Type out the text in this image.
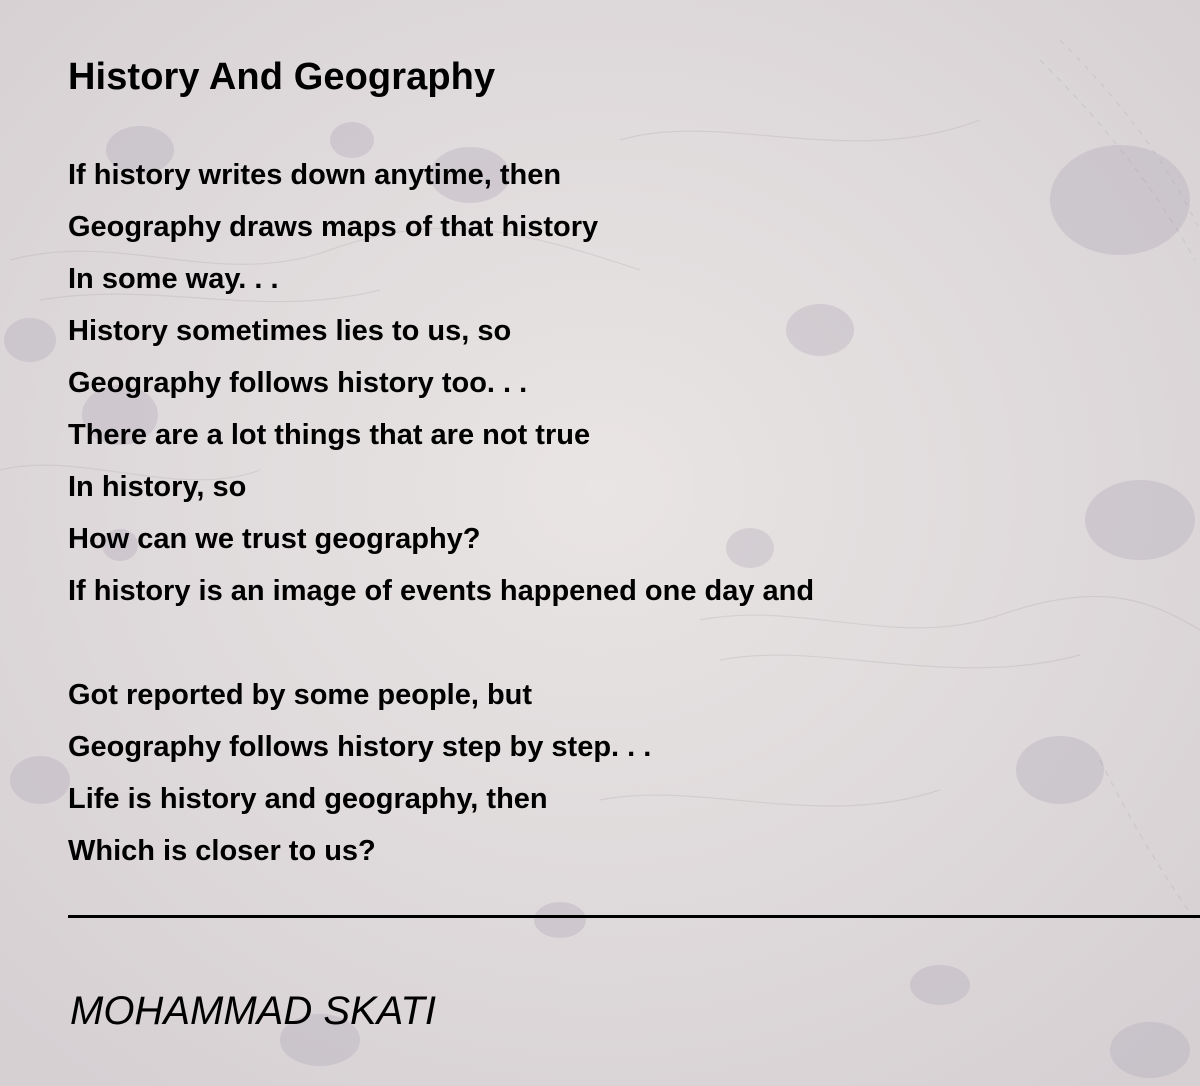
History And Geography
If history writes down anytime, then
Geography draws maps of that history
In some way. . .
History sometimes lies to us, so
Geography follows history too. . .
There are a lot things that are not true
In history, so
How can we trust geography?
If history is an image of events happened one day and
Got reported by some people, but
Geography follows history step by step. . .
Life is history and geography, then
Which is closer to us?

MOHAMMAD SKATI
